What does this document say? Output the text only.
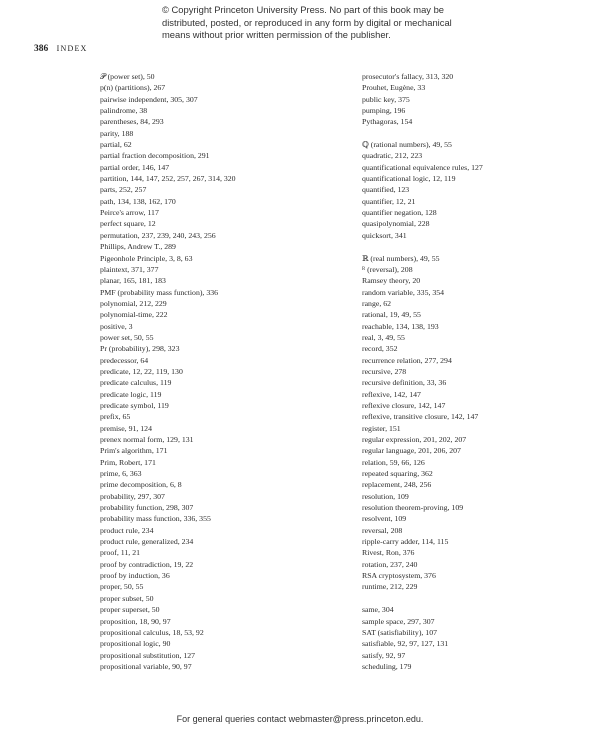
© Copyright Princeton University Press. No part of this book may be
distributed, posted, or reproduced in any form by digital or mechanical
means without prior written permission of the publisher.
386 INDEX
𝒫 (power set), 50
p(n) (partitions), 267
pairwise independent, 305, 307
palindrome, 38
parentheses, 84, 293
parity, 188
partial, 62
partial fraction decomposition, 291
partial order, 146, 147
partition, 144, 147, 252, 257, 267, 314, 320
parts, 252, 257
path, 134, 138, 162, 170
Peirce's arrow, 117
perfect square, 12
permutation, 237, 239, 240, 243, 256
Phillips, Andrew T., 289
Pigeonhole Principle, 3, 8, 63
plaintext, 371, 377
planar, 165, 181, 183
PMF (probability mass function), 336
polynomial, 212, 229
polynomial-time, 222
positive, 3
power set, 50, 55
Pr (probability), 298, 323
predecessor, 64
predicate, 12, 22, 119, 130
predicate calculus, 119
predicate logic, 119
predicate symbol, 119
prefix, 65
premise, 91, 124
prenex normal form, 129, 131
Prim's algorithm, 171
Prim, Robert, 171
prime, 6, 363
prime decomposition, 6, 8
probability, 297, 307
probability function, 298, 307
probability mass function, 336, 355
product rule, 234
product rule, generalized, 234
proof, 11, 21
proof by contradiction, 19, 22
proof by induction, 36
proper, 50, 55
proper subset, 50
proper superset, 50
proposition, 18, 90, 97
propositional calculus, 18, 53, 92
propositional logic, 90
propositional substitution, 127
propositional variable, 90, 97
prosecutor's fallacy, 313, 320
Prouhet, Eugène, 33
public key, 375
pumping, 196
Pythagoras, 154
ℚ (rational numbers), 49, 55
quadratic, 212, 223
quantificational equivalence rules, 127
quantificational logic, 12, 119
quantified, 123
quantifier, 12, 21
quantifier negation, 128
quasipolynomial, 228
quicksort, 341
ℝ (real numbers), 49, 55
ᴿ (reversal), 208
Ramsey theory, 20
random variable, 335, 354
range, 62
rational, 19, 49, 55
reachable, 134, 138, 193
real, 3, 49, 55
record, 352
recurrence relation, 277, 294
recursive, 278
recursive definition, 33, 36
reflexive, 142, 147
reflexive closure, 142, 147
reflexive, transitive closure, 142, 147
register, 151
regular expression, 201, 202, 207
regular language, 201, 206, 207
relation, 59, 66, 126
repeated squaring, 362
replacement, 248, 256
resolution, 109
resolution theorem-proving, 109
resolvent, 109
reversal, 208
ripple-carry adder, 114, 115
Rivest, Ron, 376
rotation, 237, 240
RSA cryptosystem, 376
runtime, 212, 229
same, 304
sample space, 297, 307
SAT (satisfiability), 107
satisfiable, 92, 97, 127, 131
satisfy, 92, 97
scheduling, 179
For general queries contact webmaster@press.princeton.edu.
